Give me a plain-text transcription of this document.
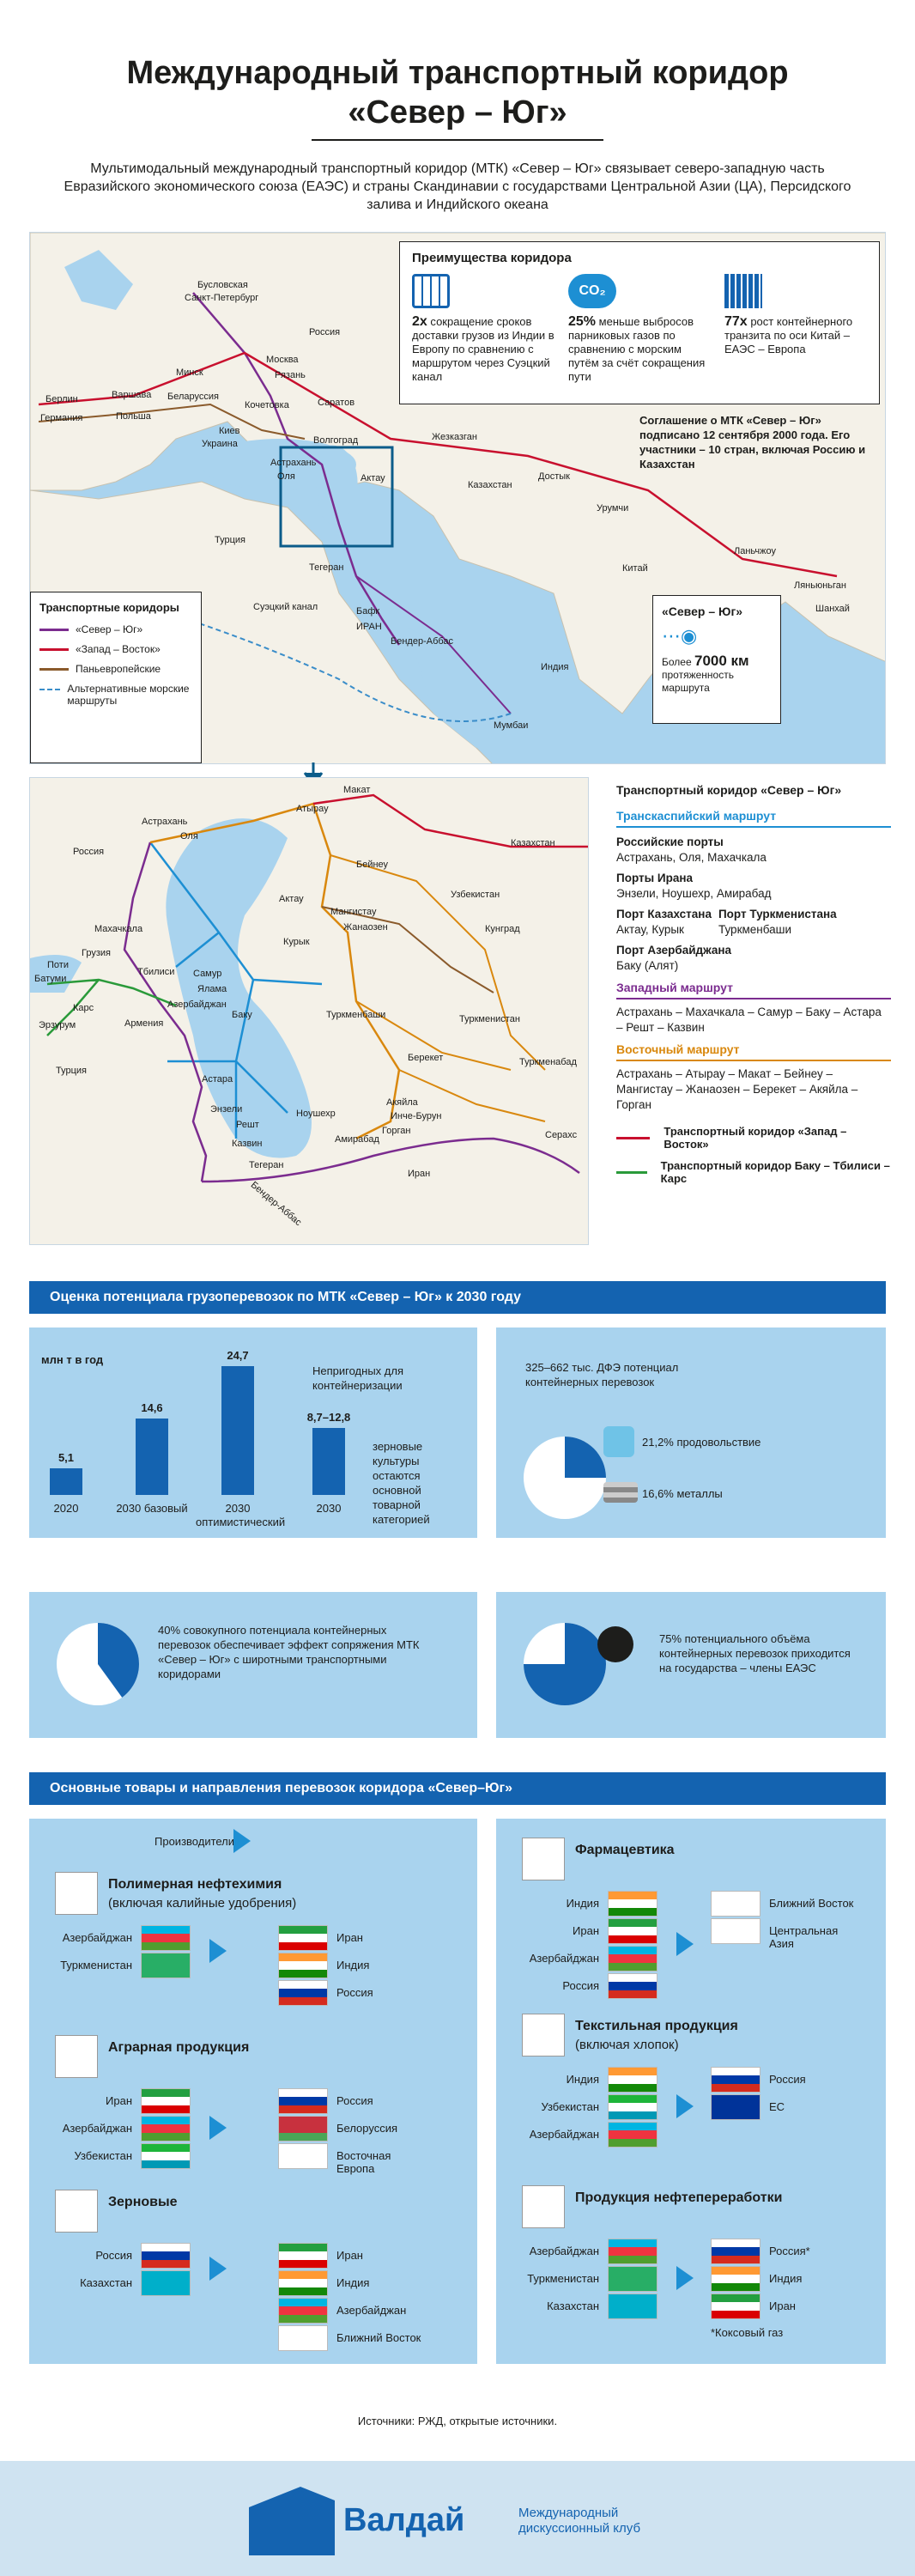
Международный транспортный коридор
«Север – Юг»
Мультимодальный международный транспортный коридор (МТК) «Север – Юг» связывает северо-западную часть Евразийского экономического союза (ЕАЭС) и страны Скандинавии с государствами Центральной Азии (ЦА), Персидского залива и Индийского океана
Бусловская
Санкт-Петербург
Россия
Москва
Рязань
Минск
Беларуссия
Берлин	Варшава
Германия	Польша
Кочетовка	Саратов
Киев
Украина	Волгоград
Астрахань
Оля	Актау
Жезказган
Казахстан
Достык
Урумчи
Китай
Ланьчжоу
Ляньюньган
Шанхай
Турция
Тегеран
Суэцкий канал	Бафк
ИРАН
Бендер-Аббас
Индия
Мумбаи
Преимущества коридора
2x сокращение сроков доставки грузов из Индии в Европу по сравнению с маршрутом через Суэцкий канал
CO₂
25% меньше выбросов парниковых газов по сравнению с морским путём за счёт сокращения пути
77x рост контейнерного транзита по оси Китай – ЕАЭС – Европа
Соглашение о МТК «Север – Юг» подписано 12 сентября 2000 года. Его участники – 10 стран, включая Россию и Казахстан
Транспортные коридоры
«Север – Юг»
«Запад – Восток»
Паньевропейские
Альтернативные морские маршруты
«Север – Юг»
⋯◉
Более 7000 км
протяженность маршрута
Макат
Атырау
Астрахань
Оля
Россия
Казахстан
Бейнеу
Узбекистан
Актау
Мангистау
Жанаозен
Курык
Махачкала	Кунград
Грузия
Поти
Батуми
Тбилиси Самур
Ялама
Азербайджан
Карс
Эрзурум	Армения
Баку	Туркменбаши	Туркменистан
Берекет	Туркменабад
Турция
Астара
Энзели
Решт
Казвин
Ноушехр
Горган
Амирабад
Акяйла
Инче-Бурун
Серахс
Тегеран
Иран
Бендер-Аббас
Транспортный коридор «Север – Юг»
Транскаспийский маршрут
Российские порты
Астрахань, Оля, Махачкала
Порты Ирана
Энзели, Ноушехр, Амирабад
Порт Казахстана
Актау, Курык
Порт Туркменистана
Туркменбаши
Порт Азербайджана
Баку (Алят)
Западный маршрут
Астрахань – Махачкала – Самур – Баку – Астара – Решт – Казвин
Восточный маршрут
Астрахань – Атырау – Макат – Бейнеу – Мангистау – Жанаозен – Берекет – Акяйла – Горган
Транспортный коридор «Запад – Восток»
Транспортный коридор Баку – Тбилиси – Карс
Оценка потенциала грузоперевозок по МТК «Север – Юг» к 2030 году
млн т в год
Непригодных для контейнеризации
зерновые культуры остаются основной товарной категорией
5,1
2020
14,6
2030 базовый
24,7
2030 оптимистический
8,7–12,8
2030
325–662 тыс. ДФЭ потенциал контейнерных перевозок
21,2% продовольствие
16,6% металлы
40% совокупного потенциала контейнерных перевозок обеспечивает эффект сопряжения МТК «Север – Юг» с широтными транспортными коридорами
75% потенциального объёма контейнерных перевозок приходится на государства – члены ЕАЭС
Основные товары и направления перевозок коридора «Север–Юг»
Производители
Полимерная нефтехимия
(включая калийные удобрения)
Азербайджан
Туркменистан
Иран
Индия
Россия
Аграрная продукция
Иран
Азербайджан
Узбекистан
Россия
Белоруссия
Восточная Европа
Зерновые
Россия
Казахстан
Иран
Индия
Азербайджан
Ближний Восток
Фармацевтика
Индия
Иран
Азербайджан
Россия
Ближний Восток
Центральная Азия
Текстильная продукция
(включая хлопок)
Индия
Узбекистан
Азербайджан
Россия
ЕС
Продукция нефтепереработки
Азербайджан
Туркменистан
Казахстан
Россия*
Индия
Иран
*Коксовый газ
Источники: РЖД, открытые источники.
Валдай	Международный
дискуссионный клуб
